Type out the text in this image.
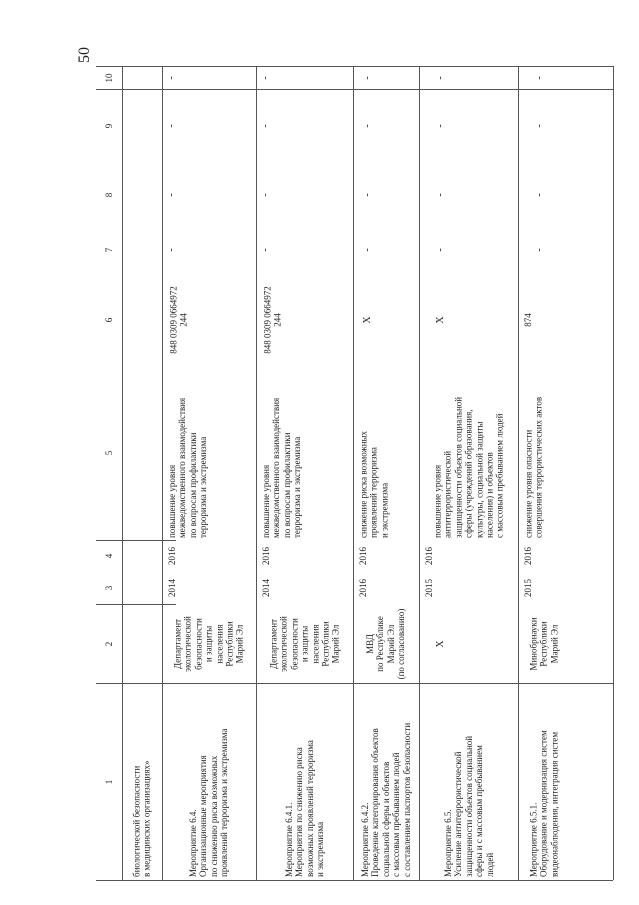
50
10
9
8
7
6
5
4
3
2
1
биологической безопасности
в медицинских организациях»
Мероприятие 6.4.
Организационные мероприятия
по снижению риска возможных
проявлений терроризма и экстремизма
Департамент
экологической
безопасности
и защиты
населения
Республики
Марий Эл
2014
2016
повышение уровня
межведомственного взаимодействия
по вопросам профилактики
терроризма и экстремизма
848 0309 0664972
244
-
-
-
-
Мероприятие 6.4.1.
Мероприятия по снижению риска
возможных проявлений терроризма
и экстремизма
Департамент
экологической
безопасности
и защиты
населения
Республики
Марий Эл
2014
2016
повышение уровня
межведомственного взаимодействия
по вопросам профилактики
терроризма и экстремизма
848 0309 0664972
244
-
-
-
-
Мероприятие 6.4.2.
Проведение категорирования объектов
социальной сферы и объектов
с массовым пребыванием людей
с составлением паспортов безопасности
МВД
по Республике
Марий Эл
(по согласованию)
2016
2016
снижение риска возможных
проявлений терроризма
и экстремизма
X
-
-
-
-
Мероприятие 6.5.
Усиление антитеррористической
защищенности объектов социальной
сферы и с массовым пребыванием
людей
X
2015
2016
повышение уровня
антитеррористической
защищенности объектов социальной
сферы (учреждений образования,
культуры, социальной защиты
населения) и объектов
с массовым пребыванием людей
X
-
-
-
-
Мероприятие 6.5.1.
Оборудование и модернизация систем
видеонаблюдения, интеграция систем
Минобрнауки
Республики
Марий Эл
2015
2016
снижение уровня опасности
совершения террористических актов
874
-
-
-
-
